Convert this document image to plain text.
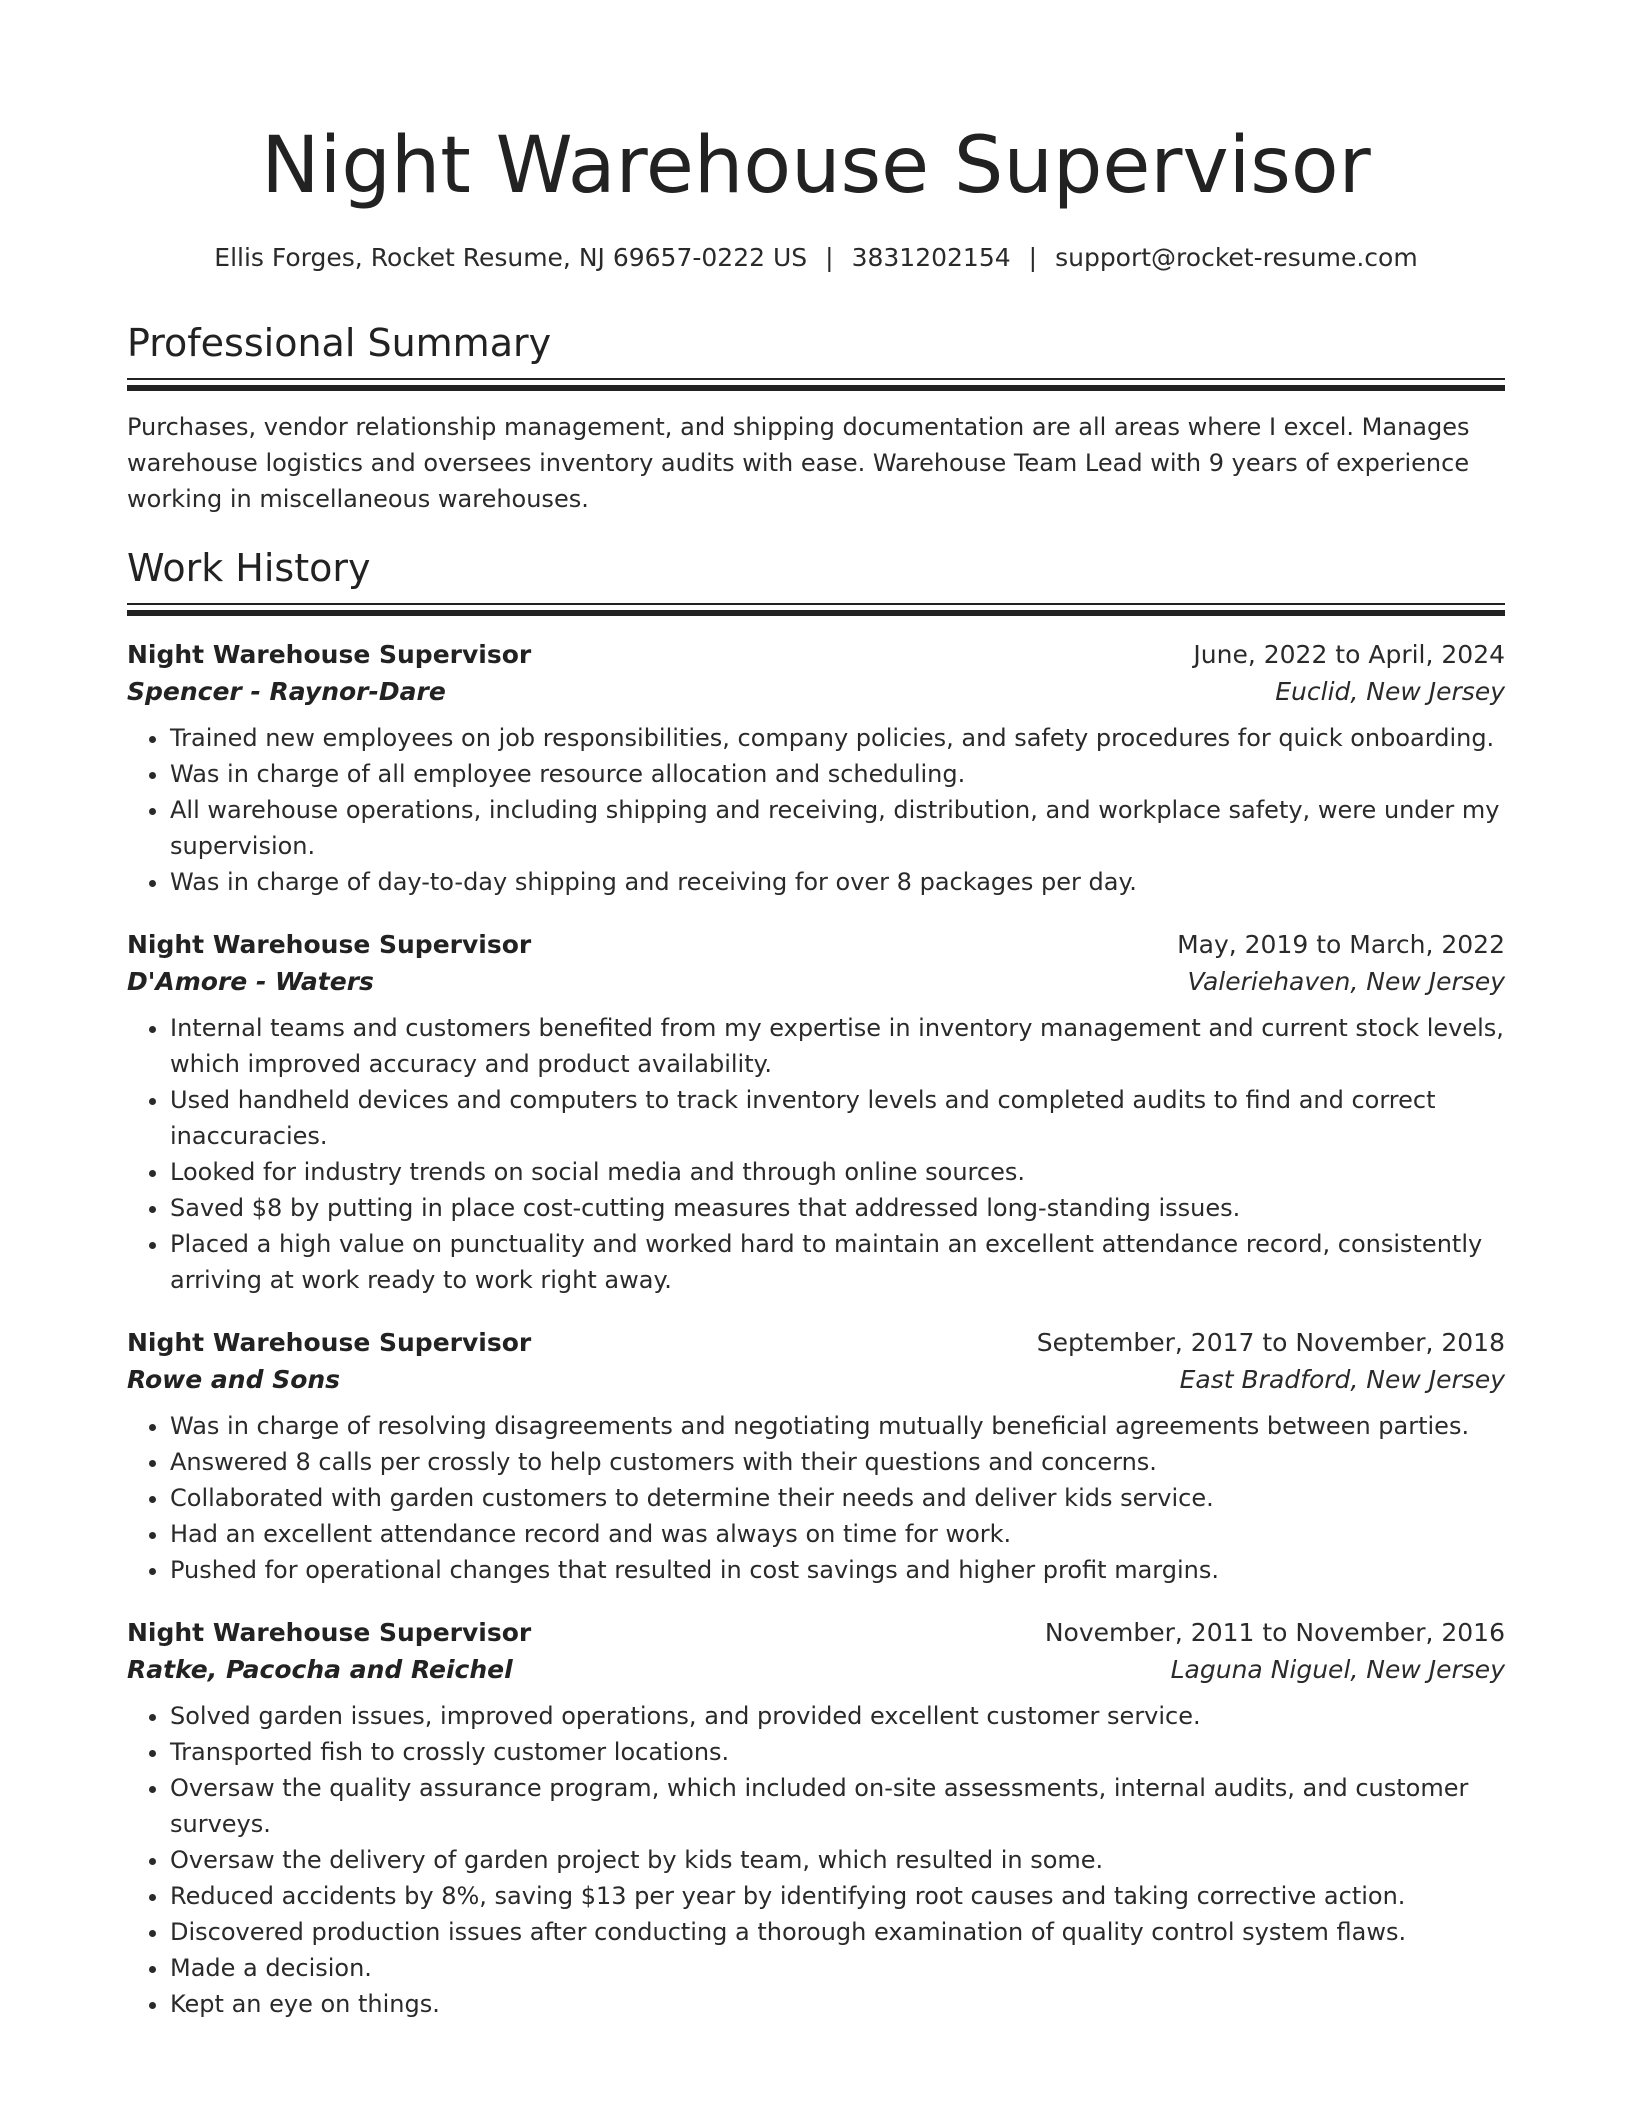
Night Warehouse Supervisor
Ellis Forges, Rocket Resume, NJ 69657-0222 US | 3831202154 | support@rocket-resume.com
Professional Summary

Purchases, vendor relationship management, and shipping documentation are all areas where I excel. Manages warehouse logistics and oversees inventory audits with ease. Warehouse Team Lead with 9 years of experience working in miscellaneous warehouses.

Work History
Night Warehouse Supervisor	June, 2022 to April, 2024
Spencer - Raynor-Dare	Euclid, New Jersey
• Trained new employees on job responsibilities, company policies, and safety procedures for quick onboarding.
• Was in charge of all employee resource allocation and scheduling.
• All warehouse operations, including shipping and receiving, distribution, and workplace safety, were under my supervision.
• Was in charge of day-to-day shipping and receiving for over 8 packages per day.
Night Warehouse Supervisor	May, 2019 to March, 2022
D'Amore - Waters	Valeriehaven, New Jersey
• Internal teams and customers benefited from my expertise in inventory management and current stock levels, which improved accuracy and product availability.
• Used handheld devices and computers to track inventory levels and completed audits to find and correct inaccuracies.
• Looked for industry trends on social media and through online sources.
• Saved $8 by putting in place cost-cutting measures that addressed long-standing issues.
• Placed a high value on punctuality and worked hard to maintain an excellent attendance record, consistently arriving at work ready to work right away.
Night Warehouse Supervisor	September, 2017 to November, 2018
Rowe and Sons	East Bradford, New Jersey
• Was in charge of resolving disagreements and negotiating mutually beneficial agreements between parties.
• Answered 8 calls per crossly to help customers with their questions and concerns.
• Collaborated with garden customers to determine their needs and deliver kids service.
• Had an excellent attendance record and was always on time for work.
• Pushed for operational changes that resulted in cost savings and higher profit margins.
Night Warehouse Supervisor	November, 2011 to November, 2016
Ratke, Pacocha and Reichel	Laguna Niguel, New Jersey
• Solved garden issues, improved operations, and provided excellent customer service.
• Transported fish to crossly customer locations.
• Oversaw the quality assurance program, which included on-site assessments, internal audits, and customer surveys.
• Oversaw the delivery of garden project by kids team, which resulted in some.
• Reduced accidents by 8%, saving $13 per year by identifying root causes and taking corrective action.
• Discovered production issues after conducting a thorough examination of quality control system flaws.
• Made a decision.
• Kept an eye on things.
